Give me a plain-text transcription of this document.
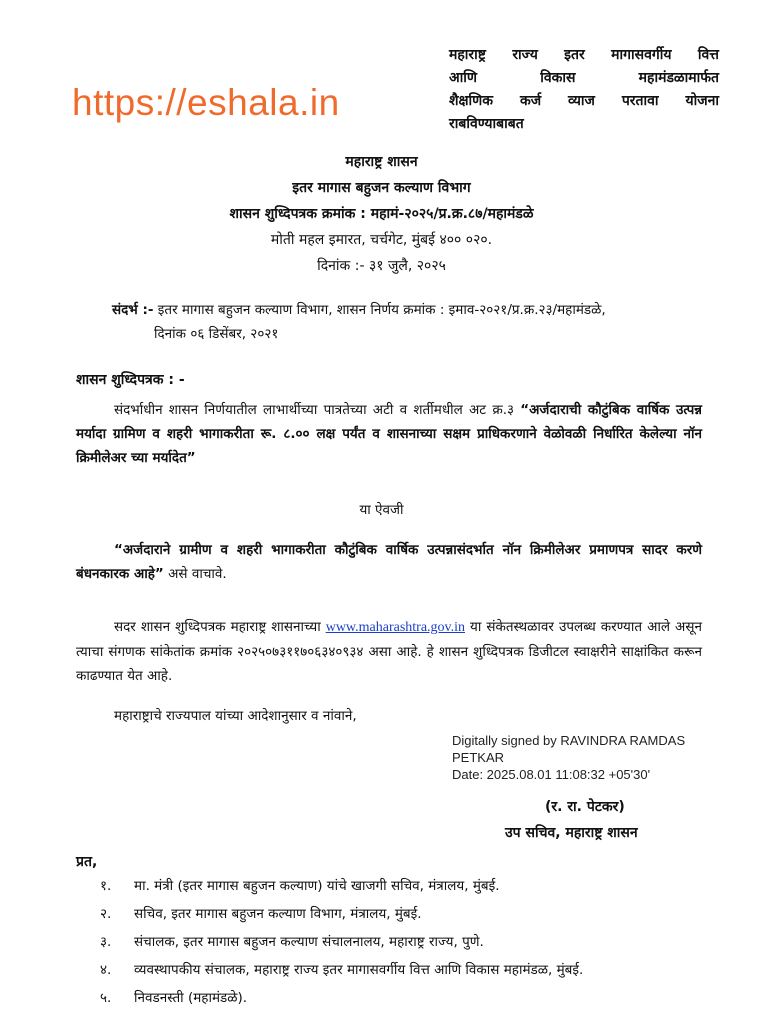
https://eshala.in
महाराष्ट्र राज्य इतर मागासवर्गीय वित्त
आणि	विकास	महामंडळामार्फत
शैक्षणिक कर्ज व्याज परतावा योजना
राबविण्याबाबत
महाराष्ट्र शासन
इतर मागास बहुजन कल्याण विभाग
शासन शुध्दिपत्रक क्रमांक : महामं-२०२५/प्र.क्र.८७/महामंडळे
मोती महल इमारत, चर्चगेट, मुंबई ४०० ०२०.
दिनांक :- ३१ जुलै, २०२५
संदर्भ :- इतर मागास बहुजन कल्याण विभाग, शासन निर्णय क्रमांक : इमाव-२०२१/प्र.क्र.२३/महामंडळे,
दिनांक ०६ डिसेंबर, २०२१
शासन शुध्दिपत्रक : -
संदर्भाधीन शासन निर्णयातील लाभार्थीच्या पात्रतेच्या अटी व शर्तीमधील अट क्र.३ “अर्जदाराची कौटुंबिक वार्षिक उत्पन्न मर्यादा ग्रामिण व शहरी भागाकरीता रू. ८.०० लक्ष पर्यंत व शासनाच्या सक्षम प्राधिकरणाने वेळोवळी निर्धारित केलेल्या नॉन क्रिमीलेअर च्या मर्यादेत”
या ऐवजी
“अर्जदाराने ग्रामीण व शहरी भागाकरीता कौटुंबिक वार्षिक उत्पन्नासंदर्भात नॉन क्रिमीलेअर प्रमाणपत्र सादर करणे बंधनकारक आहे” असे वाचावे.
सदर शासन शुध्दिपत्रक महाराष्ट्र शासनाच्या www.maharashtra.gov.in या संकेतस्थळावर उपलब्ध करण्यात आले असून त्याचा संगणक सांकेतांक क्रमांक २०२५०७३११७०६३४०९३४ असा आहे. हे शासन शुध्दिपत्रक डिजीटल स्वाक्षरीने साक्षांकित करून काढण्यात येत आहे.
महाराष्ट्राचे राज्यपाल यांच्या आदेशानुसार व नांवाने,
Digitally signed by RAVINDRA RAMDAS
PETKAR
Date: 2025.08.01 11:08:32 +05'30'
(र. रा. पेटकर)
उप सचिव, महाराष्ट्र शासन
प्रत,
१.	मा. मंत्री (इतर मागास बहुजन कल्याण) यांचे खाजगी सचिव, मंत्रालय, मुंबई.
२.	सचिव, इतर मागास बहुजन कल्याण विभाग, मंत्रालय, मुंबई.
३.	संचालक, इतर मागास बहुजन कल्याण संचालनालय, महाराष्ट्र राज्य, पुणे.
४.	व्यवस्थापकीय संचालक, महाराष्ट्र राज्य इतर मागासवर्गीय वित्त आणि विकास महामंडळ, मुंबई.
५.	निवडनस्ती (महामंडळे).
